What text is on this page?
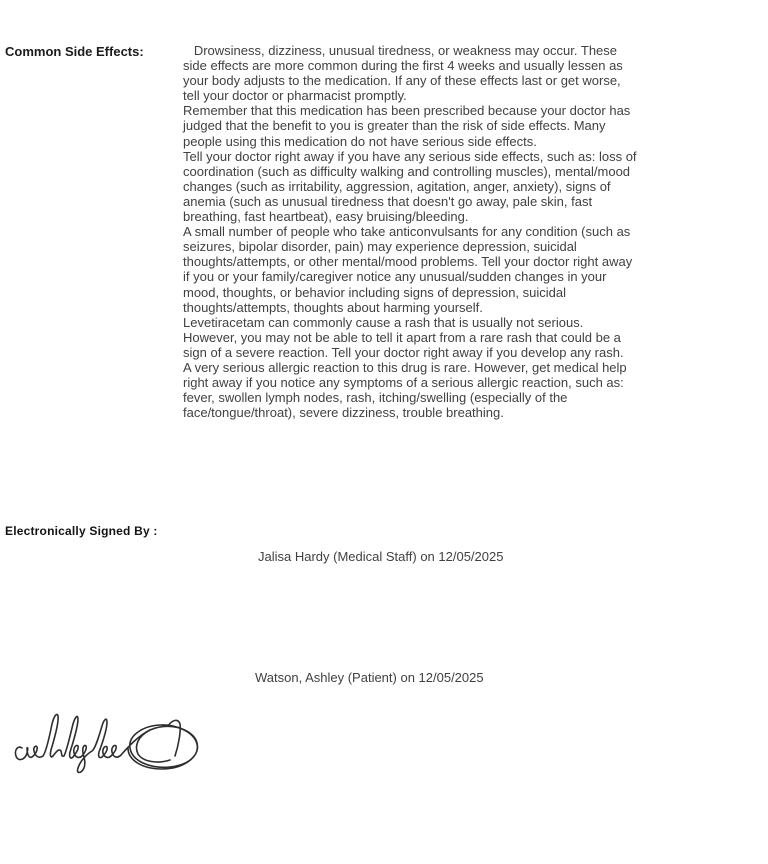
Common Side Effects:	Drowsiness, dizziness, unusual tiredness, or weakness may occur. These
side effects are more common during the first 4 weeks and usually lessen as
your body adjusts to the medication. If any of these effects last or get worse,
tell your doctor or pharmacist promptly.
Remember that this medication has been prescribed because your doctor has
judged that the benefit to you is greater than the risk of side effects. Many
people using this medication do not have serious side effects.
Tell your doctor right away if you have any serious side effects, such as: loss of
coordination (such as difficulty walking and controlling muscles), mental/mood
changes (such as irritability, aggression, agitation, anger, anxiety), signs of
anemia (such as unusual tiredness that doesn't go away, pale skin, fast
breathing, fast heartbeat), easy bruising/bleeding.
A small number of people who take anticonvulsants for any condition (such as
seizures, bipolar disorder, pain) may experience depression, suicidal
thoughts/attempts, or other mental/mood problems. Tell your doctor right away
if you or your family/caregiver notice any unusual/sudden changes in your
mood, thoughts, or behavior including signs of depression, suicidal
thoughts/attempts, thoughts about harming yourself.
Levetiracetam can commonly cause a rash that is usually not serious.
However, you may not be able to tell it apart from a rare rash that could be a
sign of a severe reaction. Tell your doctor right away if you develop any rash.
A very serious allergic reaction to this drug is rare. However, get medical help
right away if you notice any symptoms of a serious allergic reaction, such as:
fever, swollen lymph nodes, rash, itching/swelling (especially of the
face/tongue/throat), severe dizziness, trouble breathing.
Electronically Signed By :
Jalisa Hardy (Medical Staff) on 12/05/2025
Watson, Ashley (Patient) on 12/05/2025
